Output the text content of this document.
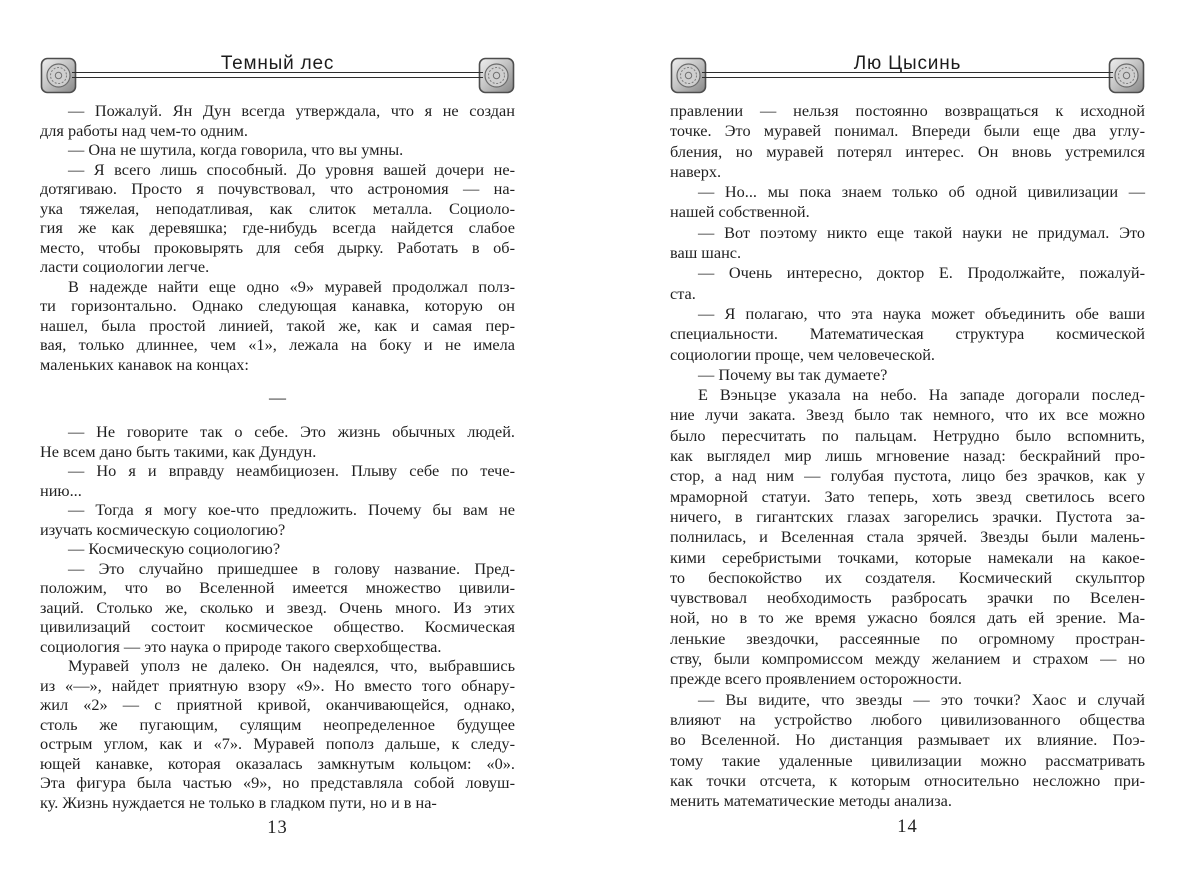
Темный лес
— Пожалуй. Ян Дун всегда утверждала, что я не создан
для работы над чем-то одним.
— Она не шутила, когда говорила, что вы умны.
— Я всего лишь способный. До уровня вашей дочери не-
дотягиваю. Просто я почувствовал, что астрономия — на-
ука тяжелая, неподатливая, как слиток металла. Социоло-
гия же как деревяшка; где-нибудь всегда найдется слабое
место, чтобы проковырять для себя дырку. Работать в об-
ласти социологии легче.
В надежде найти еще одно «9» муравей продолжал полз-
ти горизонтально. Однако следующая канавка, которую он
нашел, была простой линией, такой же, как и самая пер-
вая, только длиннее, чем «1», лежала на боку и не имела
маленьких канавок на концах:
—
— Не говорите так о себе. Это жизнь обычных людей.
Не всем дано быть такими, как Дундун.
— Но я и вправду неамбициозен. Плыву себе по тече-
нию...
— Тогда я могу кое-что предложить. Почему бы вам не
изучать космическую социологию?
— Космическую социологию?
— Это случайно пришедшее в голову название. Пред-
положим, что во Вселенной имеется множество цивили-
заций. Столько же, сколько и звезд. Очень много. Из этих
цивилизаций состоит космическое общество. Космическая
социология — это наука о природе такого сверхобщества.
Муравей уполз не далеко. Он надеялся, что, выбравшись
из «—», найдет приятную взору «9». Но вместо того обнару-
жил «2» — с приятной кривой, оканчивающейся, однако,
столь же пугающим, сулящим неопределенное будущее
острым углом, как и «7». Муравей пополз дальше, к следу-
ющей канавке, которая оказалась замкнутым кольцом: «0».
Эта фигура была частью «9», но представляла собой ловуш-
ку. Жизнь нуждается не только в гладком пути, но и в на-
13
Лю Цысинь
правлении — нельзя постоянно возвращаться к исходной
точке. Это муравей понимал. Впереди были еще два углу-
бления, но муравей потерял интерес. Он вновь устремился
наверх.
— Но... мы пока знаем только об одной цивилизации —
нашей собственной.
— Вот поэтому никто еще такой науки не придумал. Это
ваш шанс.
— Очень интересно, доктор Е. Продолжайте, пожалуй-
ста.
— Я полагаю, что эта наука может объединить обе ваши
специальности. Математическая структура космической
социологии проще, чем человеческой.
— Почему вы так думаете?
Е Вэньцзе указала на небо. На западе догорали послед-
ние лучи заката. Звезд было так немного, что их все можно
было пересчитать по пальцам. Нетрудно было вспомнить,
как выглядел мир лишь мгновение назад: бескрайний про-
стор, а над ним — голубая пустота, лицо без зрачков, как у
мраморной статуи. Зато теперь, хоть звезд светилось всего
ничего, в гигантских глазах загорелись зрачки. Пустота за-
полнилась, и Вселенная стала зрячей. Звезды были малень-
кими серебристыми точками, которые намекали на какое-
то беспокойство их создателя. Космический скульптор
чувствовал необходимость разбросать зрачки по Вселен-
ной, но в то же время ужасно боялся дать ей зрение. Ма-
ленькие звездочки, рассеянные по огромному простран-
ству, были компромиссом между желанием и страхом — но
прежде всего проявлением осторожности.
— Вы видите, что звезды — это точки? Хаос и случай
влияют на устройство любого цивилизованного общества
во Вселенной. Но дистанция размывает их влияние. Поэ-
тому такие удаленные цивилизации можно рассматривать
как точки отсчета, к которым относительно несложно при-
менить математические методы анализа.
14
